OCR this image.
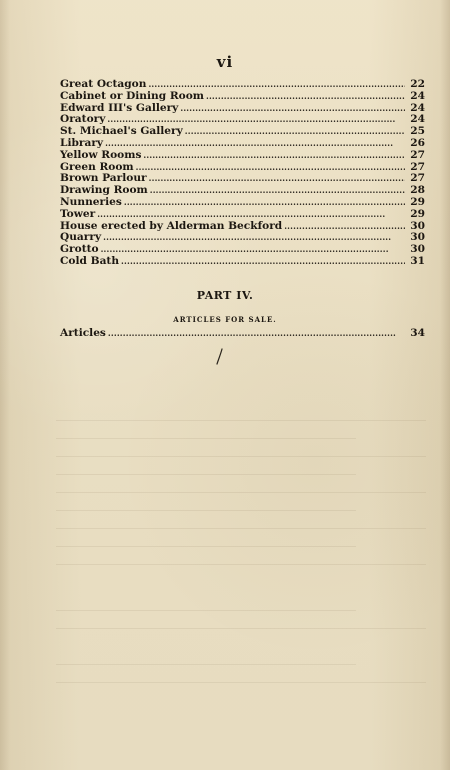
vi
Great Octagon . . .	22
Cabinet or Dining Room . . .	24
Edward III's Gallery . . .	24
Oratory . . .	24
St. Michael's Gallery . . .	25
Library . . .	26
Yellow Rooms . . .	27
Green Room . . .	27
Brown Parlour . . .	27
Drawing Room . . .	28
Nunneries . . .	29
Tower . . .	29
House erected by Alderman Beckford . . .	30
Quarry . . .	30
Grotto . . .	30
Cold Bath . . .	31
PART IV.
ARTICLES FOR SALE.
Articles . . .	34
